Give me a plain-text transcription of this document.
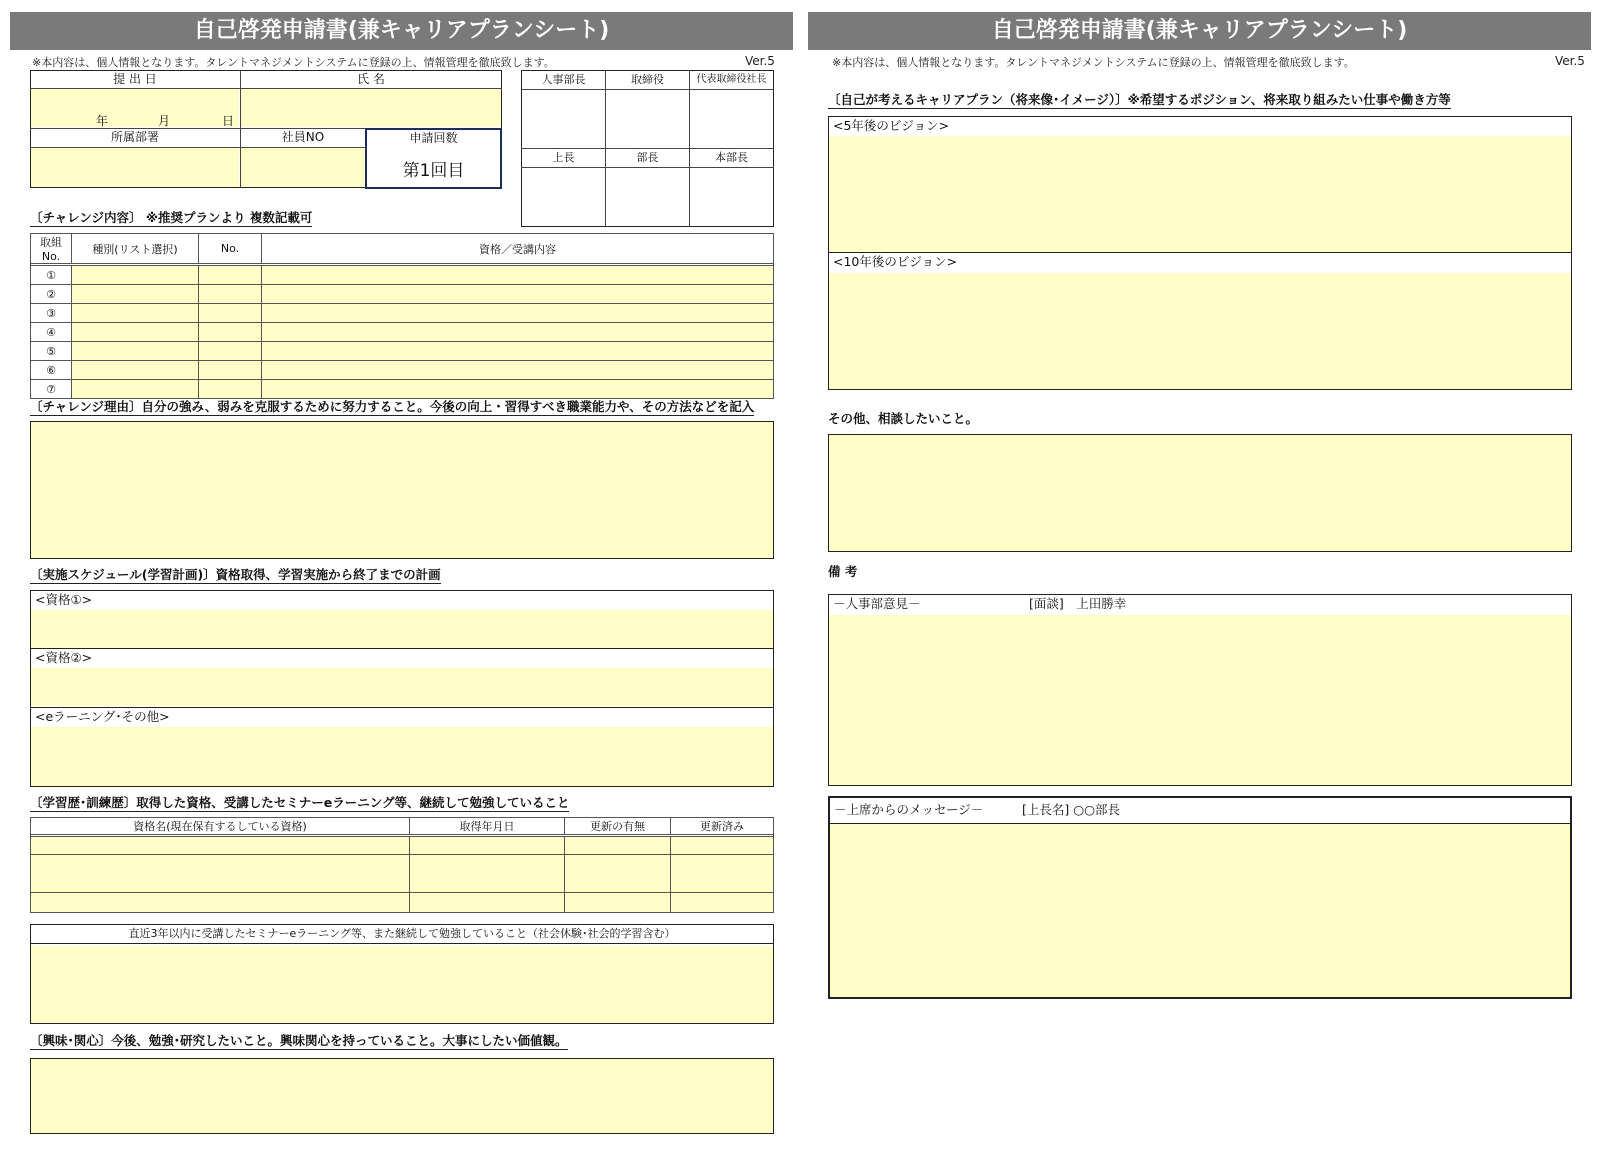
自己啓発申請書(兼キャリアプランシート)
※本内容は、個人情報となります。タレントマネジメントシステムに登録の上、情報管理を徹底致します。	Ver.5
提 出 日	氏 名
年	月	日
所属部署	社員NO	申請回数
第1回目
人事部長	取締役	代表取締役社長
上長	部長	本部長
〔チャレンジ内容〕 ※推奨プランより 複数記載可
取組No.	種別(リスト選択)	No.	資格／受講内容

①			
②			
③			
④			
⑤			
⑥			
⑦			
〔チャレンジ理由〕自分の強み、弱みを克服するために努力すること。今後の向上・習得すべき職業能力や、その方法などを記入
〔実施スケジュール(学習計画)〕資格取得、学習実施から終了までの計画
<資格①>
<資格②>
<eラーニング･その他>
〔学習歴･訓練歴〕取得した資格、受講したセミナーeラーニング等、継続して勉強していること
資格名(現在保有するしている資格)	取得年月日	更新の有無	更新済み

直近3年以内に受講したセミナーeラーニング等、また継続して勉強していること（社会休験･社会的学習含む）
〔興味･関心〕今後、勉強･研究したいこと。興味関心を持っていること。大事にしたい価値観。
自己啓発申請書(兼キャリアプランシート)
※本内容は、個人情報となります。タレントマネジメントシステムに登録の上、情報管理を徹底致します。	Ver.5
〔自己が考えるキャリアプラン（将来像･イメージ）〕※希望するポジション、将来取り組みたい仕事や働き方等
<5年後のビジョン>
<10年後のビジョン>
その他、相談したいこと。
備 考
－人事部意見－	[面談]　上田勝幸
－上席からのメッセージ－	[上長名] ○○部長
